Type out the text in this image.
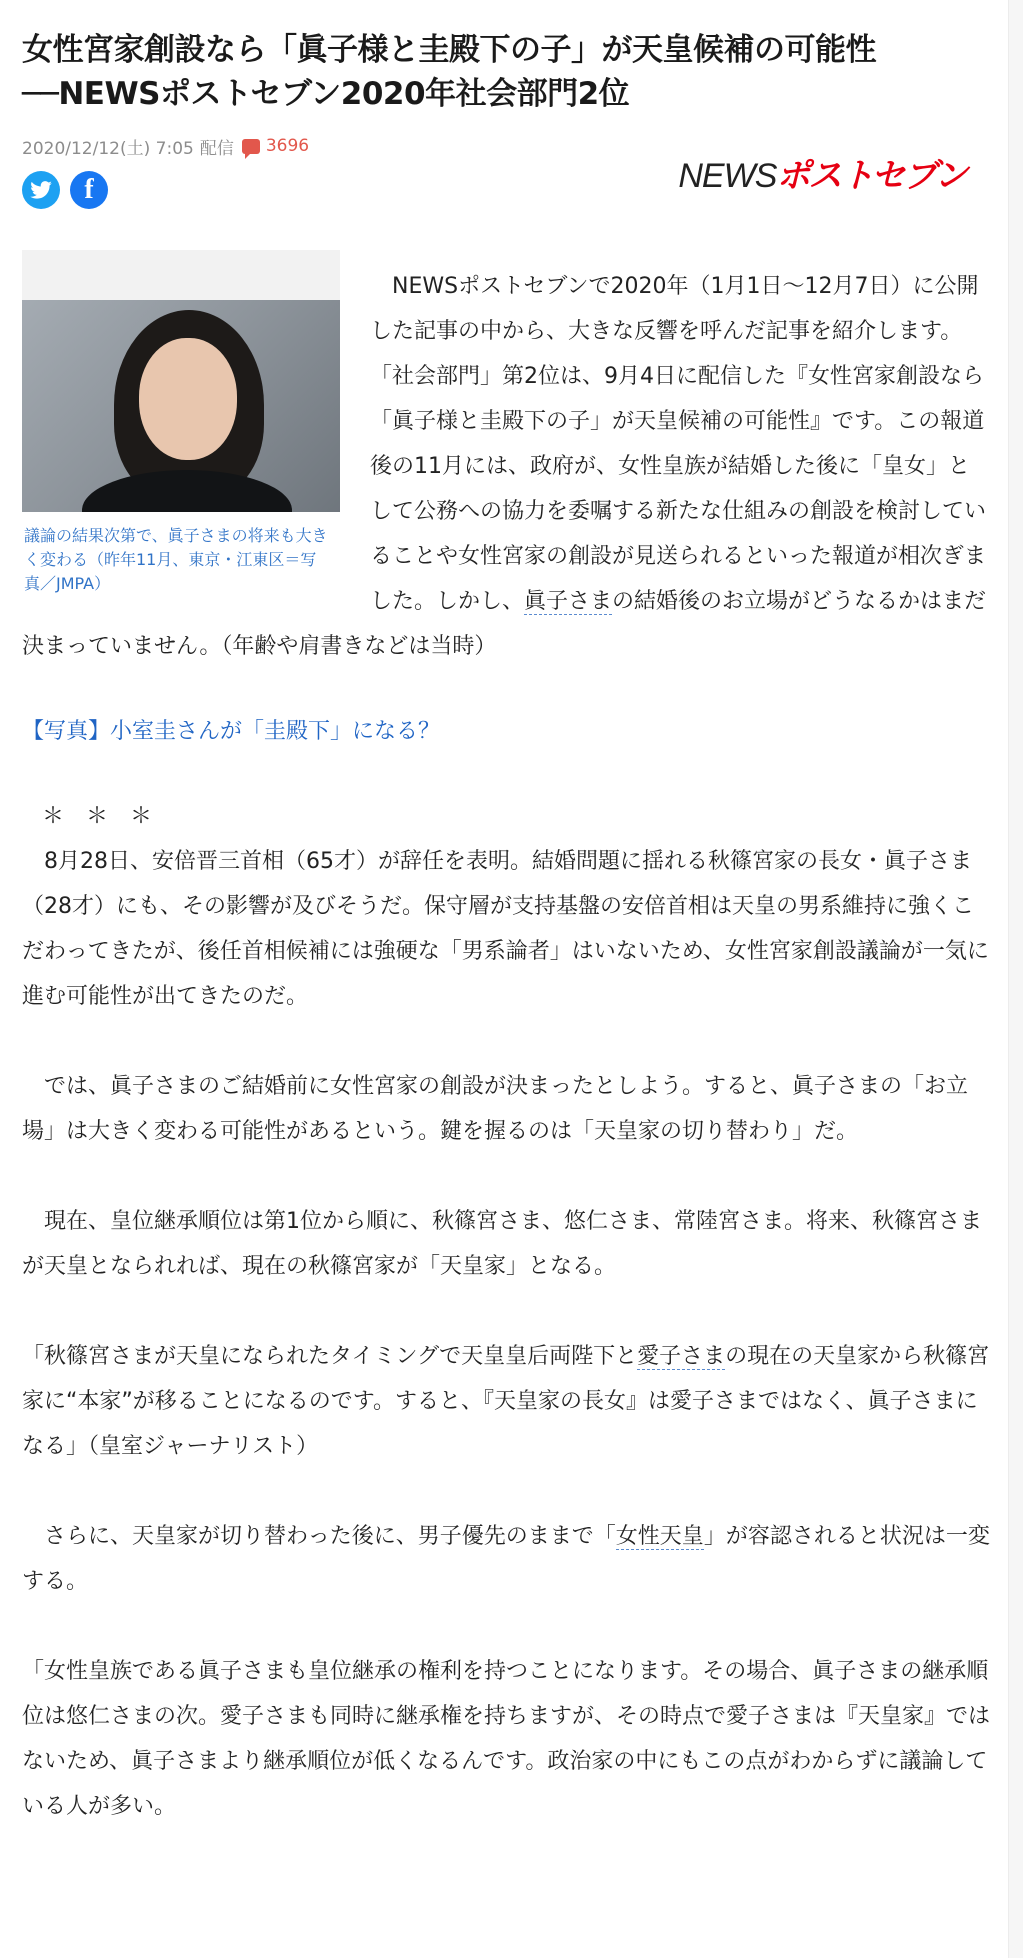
女性宮家創設なら「眞子様と圭殿下の子」が天皇候補の可能性
──NEWSポストセブン2020年社会部門2位
2020/12/12(土) 7:05 配信 3696
f	NEWSポストセブン
議論の結果次第で、眞子さまの将来も大きく変わる（昨年11月、東京・江東区＝写真／JMPA）

　NEWSポストセブンで2020年（1月1日〜12月7日）に公開した記事の中から、大きな反響を呼んだ記事を紹介します。「社会部門」第2位は、9月4日に配信した『女性宮家創設なら「眞子様と圭殿下の子」が天皇候補の可能性』です。この報道後の11月には、政府が、女性皇族が結婚した後に「皇女」として公務への協力を委嘱する新たな仕組みの創設を検討していることや女性宮家の創設が見送られるといった報道が相次ぎました。しかし、眞子さまの結婚後のお立場がどうなるかはまだ決まっていません。（年齢や肩書きなどは当時）

【写真】小室圭さんが「圭殿下」になる？

＊＊＊

　8月28日、安倍晋三首相（65才）が辞任を表明。結婚問題に揺れる秋篠宮家の長女・眞子さま（28才）にも、その影響が及びそうだ。保守層が支持基盤の安倍首相は天皇の男系維持に強くこだわってきたが、後任首相候補には強硬な「男系論者」はいないため、女性宮家創設議論が一気に進む可能性が出てきたのだ。

　では、眞子さまのご結婚前に女性宮家の創設が決まったとしよう。すると、眞子さまの「お立場」は大きく変わる可能性があるという。鍵を握るのは「天皇家の切り替わり」だ。

　現在、皇位継承順位は第1位から順に、秋篠宮さま、悠仁さま、常陸宮さま。将来、秋篠宮さまが天皇となられれば、現在の秋篠宮家が「天皇家」となる。

「秋篠宮さまが天皇になられたタイミングで天皇皇后両陛下と愛子さまの現在の天皇家から秋篠宮家に“本家”が移ることになるのです。すると、『天皇家の長女』は愛子さまではなく、眞子さまになる」（皇室ジャーナリスト）

　さらに、天皇家が切り替わった後に、男子優先のままで「女性天皇」が容認されると状況は一変する。

「女性皇族である眞子さまも皇位継承の権利を持つことになります。その場合、眞子さまの継承順位は悠仁さまの次。愛子さまも同時に継承権を持ちますが、その時点で愛子さまは『天皇家』ではないため、眞子さまより継承順位が低くなるんです。政治家の中にもこの点がわからずに議論している人が多い。
